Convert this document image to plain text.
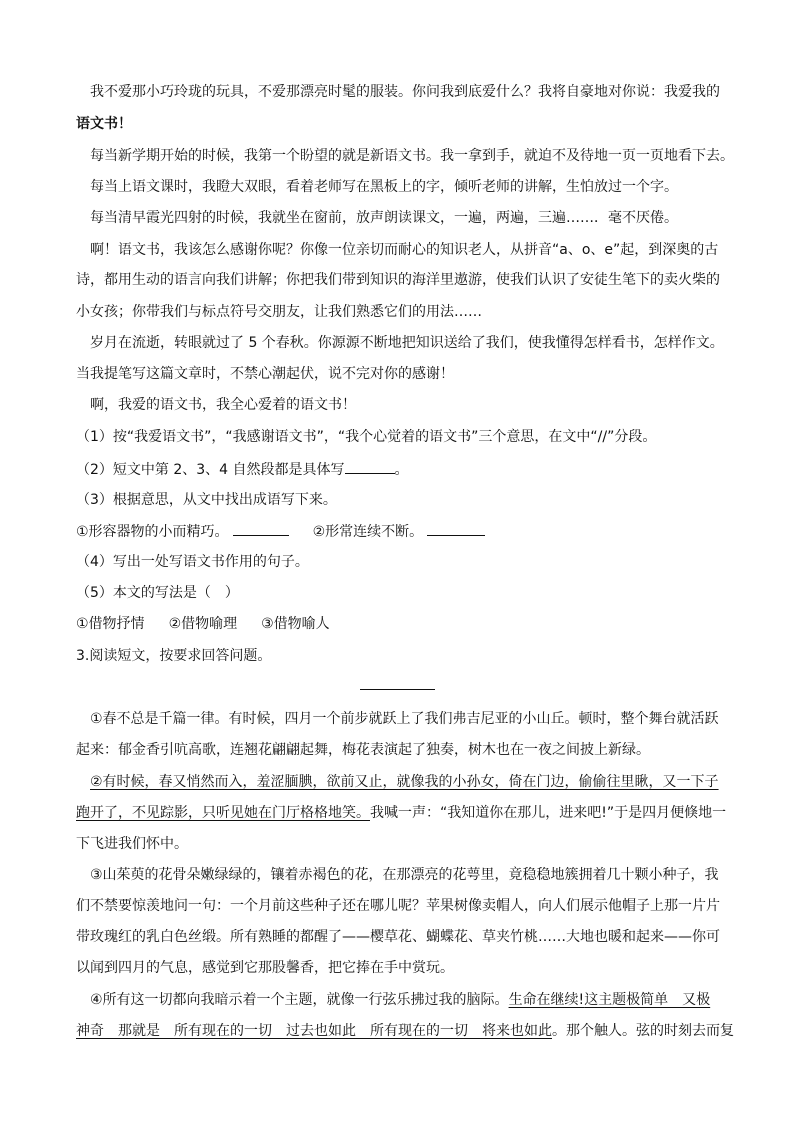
我不爱那小巧玲珑的玩具，不爱那漂亮时髦的服装。你问我到底爱什么？我将自豪地对你说：我爱我的
语文书！
每当新学期开始的时候，我第一个盼望的就是新语文书。我一拿到手，就迫不及待地一页一页地看下去。
每当上语文课时，我瞪大双眼，看着老师写在黑板上的字，倾听老师的讲解，生怕放过一个字。
每当清早霞光四射的时候，我就坐在窗前，放声朗读课文，一遍，两遍，三遍……．毫不厌倦。
啊！语文书，我该怎么感谢你呢？你像一位亲切而耐心的知识老人，从拼音“a、o、e”起，到深奥的古
诗，都用生动的语言向我们讲解；你把我们带到知识的海洋里遨游，使我们认识了安徒生笔下的卖火柴的
小女孩；你带我们与标点符号交朋友，让我们熟悉它们的用法……
岁月在流逝，转眼就过了 5 个春秋。你源源不断地把知识送给了我们，使我懂得怎样看书，怎样作文。
当我提笔写这篇文章时，不禁心潮起伏，说不完对你的感谢！
啊，我爱的语文书，我全心爱着的语文书！
（1）按“我爱语文书”，“我感谢语文书”，“我个心觉着的语文书”三个意思，在文中“//”分段。
（2）短文中第 2、3、4 自然段都是具体写	。
（3）根据意思，从文中找出成语写下来。
①形容器物的小而精巧。	②形常连续不断。
（4）写出一处写语文书作用的句子。
（5）本文的写法是（　）
①借物抒情 ②借物喻理 ③借物喻人
3.阅读短文，按要求回答问题。
①春不总是千篇一律。有时候，四月一个前步就跃上了我们弗吉尼亚的小山丘。顿时，整个舞台就活跃
起来：郁金香引吭高歌，连翘花翩翩起舞，梅花表演起了独奏，树木也在一夜之间披上新绿。
②有时候，春又悄然而入，羞涩腼腆，欲前又止，就像我的小孙女，倚在门边，偷偷往里瞅，又一下子
跑开了，不见踪影，只听见她在门厅格格地笑。我喊一声：“我知道你在那儿，进来吧!”于是四月便倏地一
下飞进我们怀中。
③山茱萸的花骨朵嫩绿绿的，镶着赤褐色的花，在那漂亮的花萼里，竟稳稳地簇拥着几十颗小种子，我
们不禁要惊羡地问一句：一个月前这些种子还在哪儿呢？苹果树像卖帽人，向人们展示他帽子上那一片片
带玫瑰红的乳白色丝缎。所有熟睡的都醒了——樱草花、蝴蝶花、草夹竹桃……大地也暖和起来——你可
以闻到四月的气息，感觉到它那股馨香，把它捧在手中赏玩。
④所有这一切都向我暗示着一个主题，就像一行弦乐拂过我的脑际。生命在继续!这主题极简单　又极
神奇　那就是　所有现在的一切　过去也如此　所有现在的一切　将来也如此。那个触人。弦的时刻去而复
